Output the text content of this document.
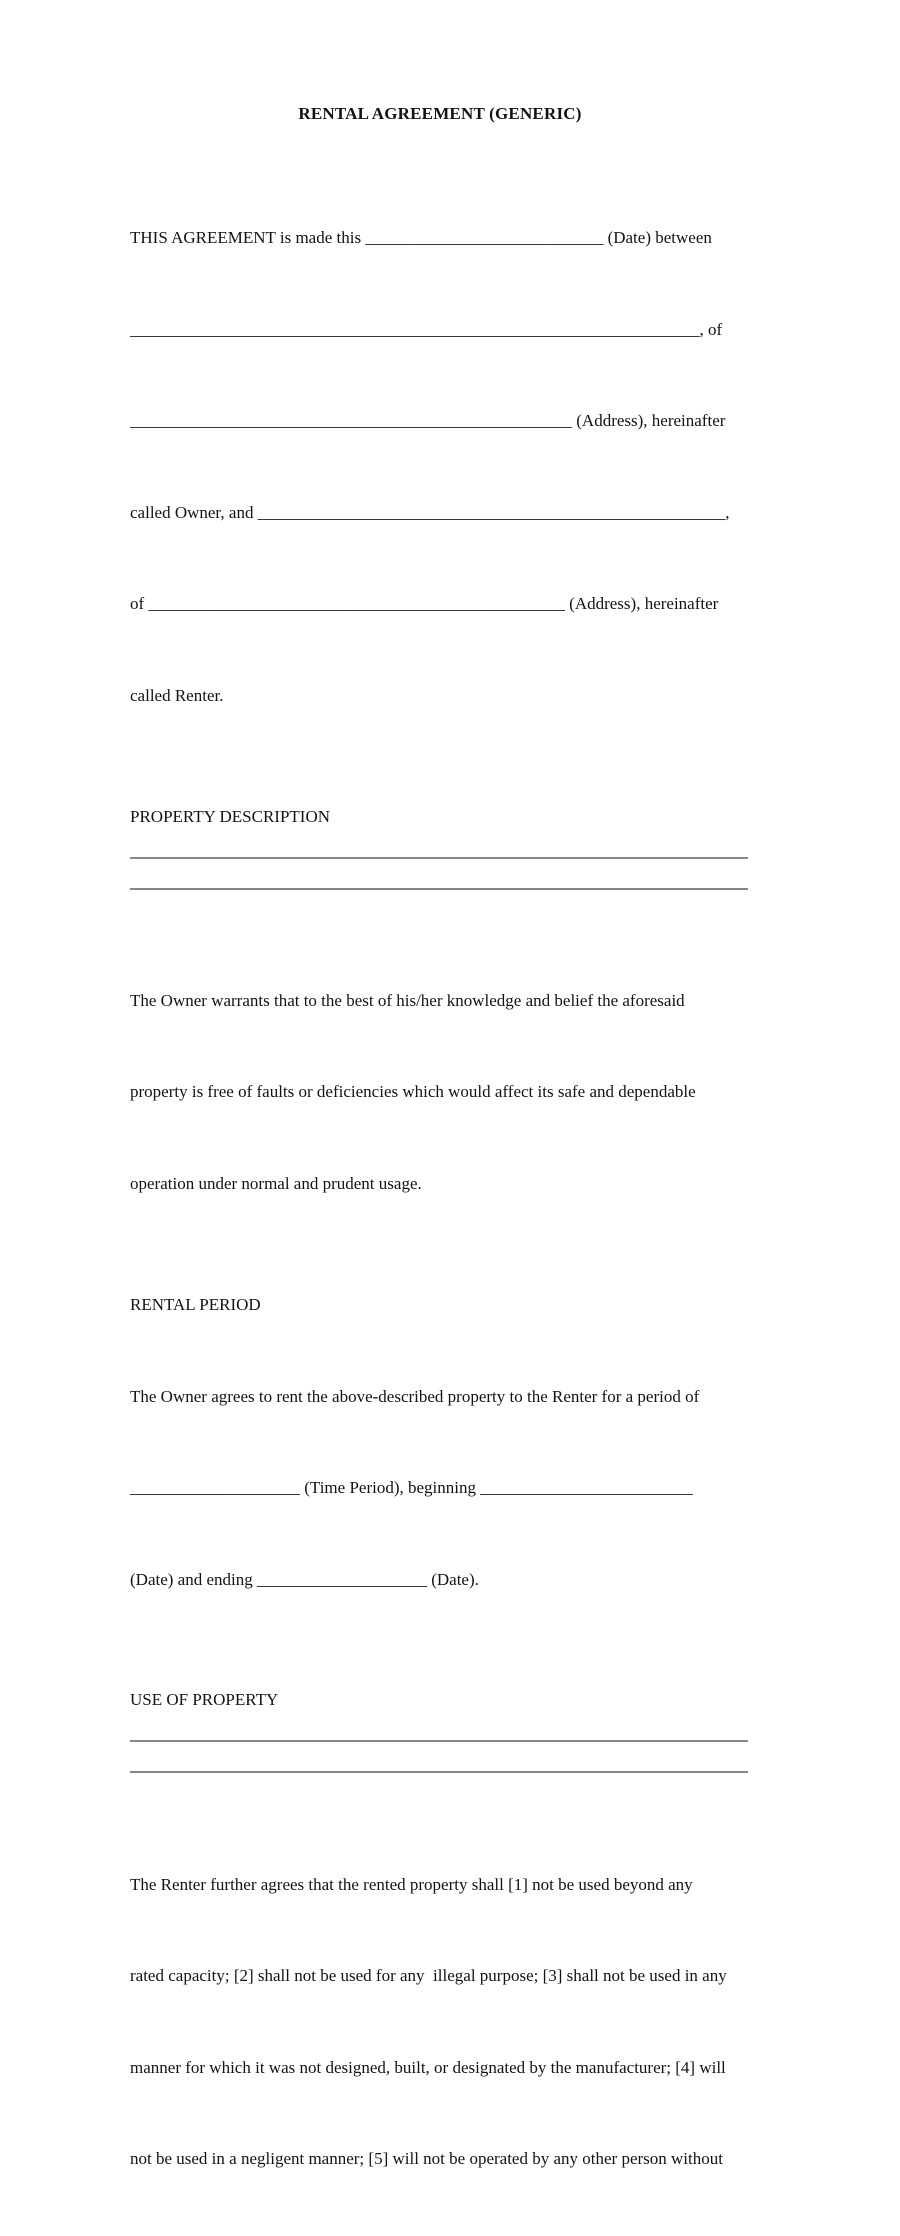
RENTAL AGREEMENT (GENERIC)

THIS AGREEMENT is made this ____________________________ (Date) between

___________________________________________________________________, of

____________________________________________________ (Address), hereinafter

called Owner, and _______________________________________________________,

of _________________________________________________ (Address), hereinafter

called Renter.

PROPERTY DESCRIPTION

The Owner warrants that to the best of his/her knowledge and belief the aforesaid

property is free of faults or deficiencies which would affect its safe and dependable

operation under normal and prudent usage.

RENTAL PERIOD

The Owner agrees to rent the above-described property to the Renter for a period of

____________________ (Time Period), beginning _________________________

(Date) and ending ____________________ (Date).

USE OF PROPERTY

The Renter further agrees that the rented property shall [1] not be used beyond any

rated capacity; [2] shall not be used for any  illegal purpose; [3] shall not be used in any

manner for which it was not designed, built, or designated by the manufacturer; [4] will

not be used in a negligent manner; [5] will not be operated by any other person without
